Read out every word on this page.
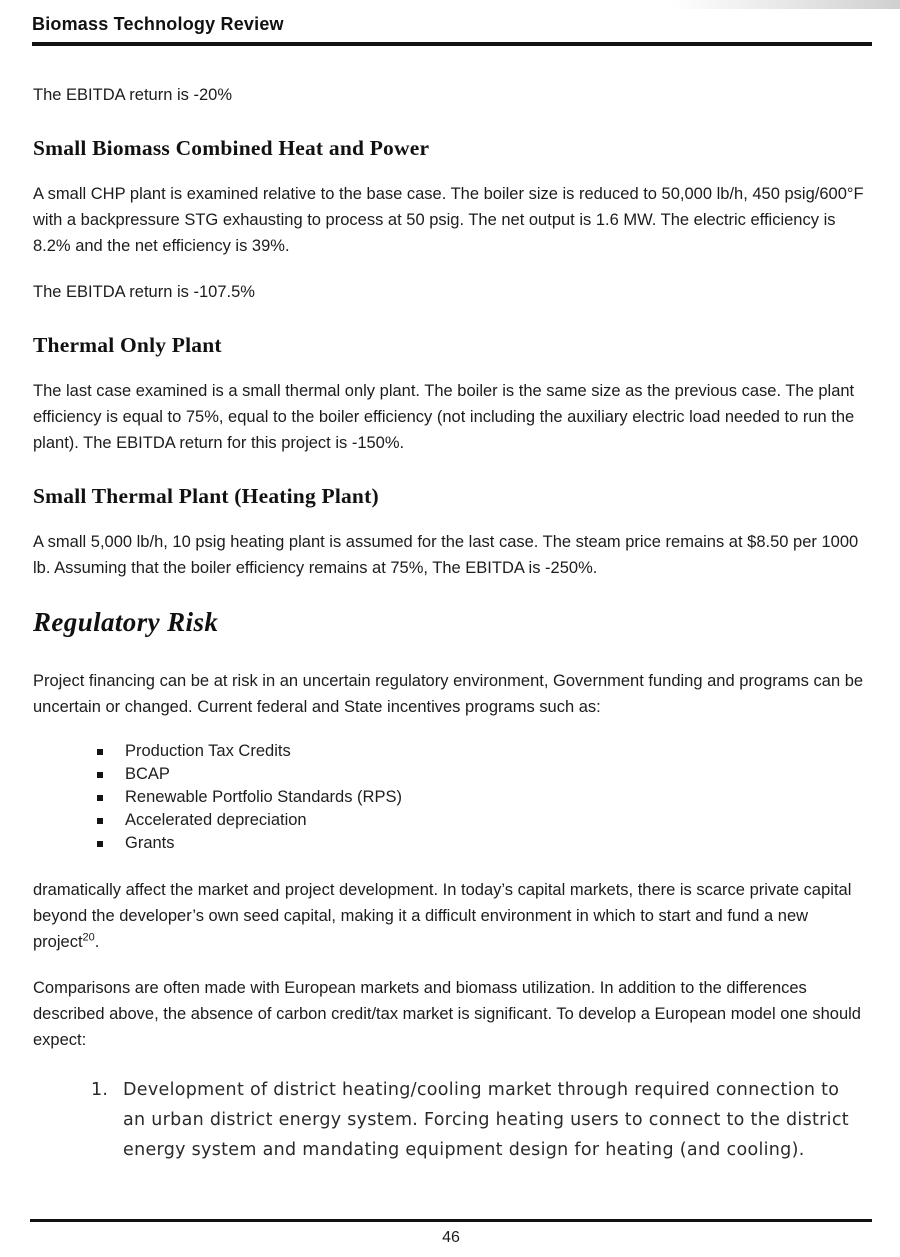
Biomass Technology Review

The EBITDA return is -20%

Small Biomass Combined Heat and Power

A small CHP plant is examined relative to the base case. The boiler size is reduced to 50,000 lb/h, 450 psig/600°F with a backpressure STG exhausting to process at 50 psig. The net output is 1.6 MW. The electric efficiency is 8.2% and the net efficiency is 39%.

The EBITDA return is -107.5%

Thermal Only Plant

The last case examined is a small thermal only plant. The boiler is the same size as the previous case. The plant efficiency is equal to 75%, equal to the boiler efficiency (not including the auxiliary electric load needed to run the plant). The EBITDA return for this project is -150%.

Small Thermal Plant (Heating Plant)

A small 5,000 lb/h, 10 psig heating plant is assumed for the last case. The steam price remains at $8.50 per 1000 lb. Assuming that the boiler efficiency remains at 75%, The EBITDA is -250%.

Regulatory Risk

Project financing can be at risk in an uncertain regulatory environment, Government funding and programs can be uncertain or changed. Current federal and State incentives programs such as:

Production Tax Credits
BCAP
Renewable Portfolio Standards (RPS)
Accelerated depreciation
Grants

dramatically affect the market and project development. In today’s capital markets, there is scarce private capital beyond the developer’s own seed capital, making it a difficult environment in which to start and fund a new project$^{20}$.

Comparisons are often made with European markets and biomass utilization. In addition to the differences described above, the absence of carbon credit/tax market is significant. To develop a European model one should expect:

1. Development of district heating/cooling market through required connection to an urban district energy system. Forcing heating users to connect to the district energy system and mandating equipment design for heating (and cooling).
46
